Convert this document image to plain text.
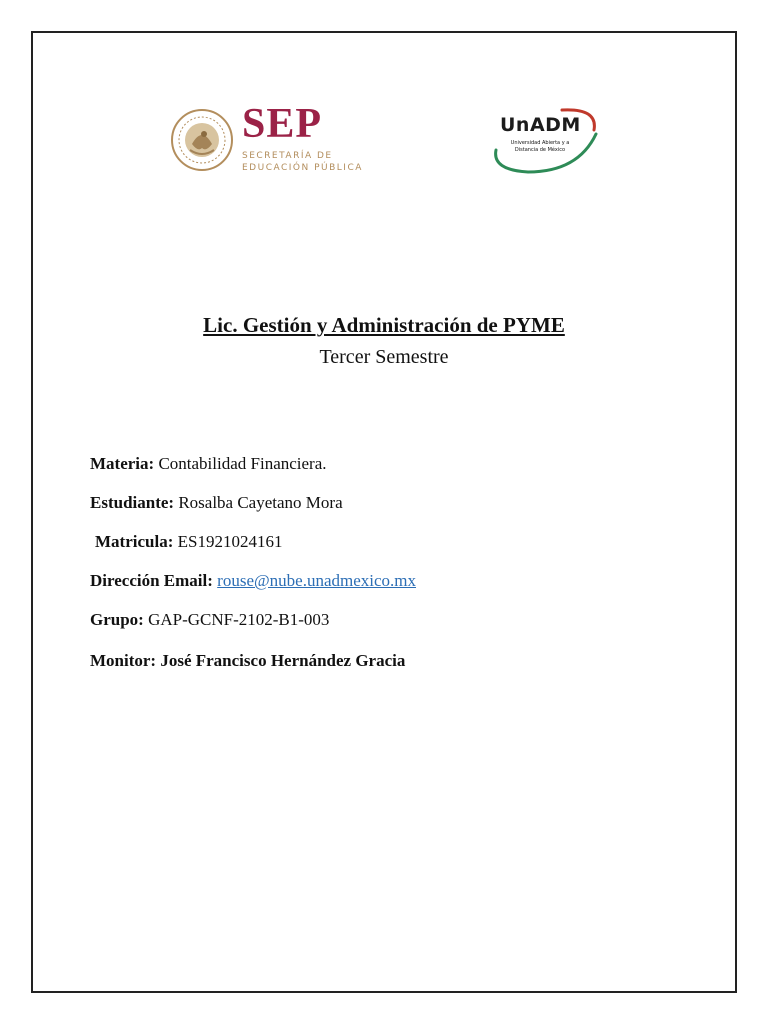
SEP
SECRETARÍA DE
EDUCACIÓN PÚBLICA
UnADM
Universidad Abierta y a
Distancia de México
Lic. Gestión y Administración de PYME
Tercer Semestre
Materia: Contabilidad Financiera.
Estudiante: Rosalba Cayetano Mora
Matricula: ES1921024161
Dirección Email: rouse@nube.unadmexico.mx
Grupo: GAP-GCNF-2102-B1-003
Monitor: José Francisco Hernández Gracia
